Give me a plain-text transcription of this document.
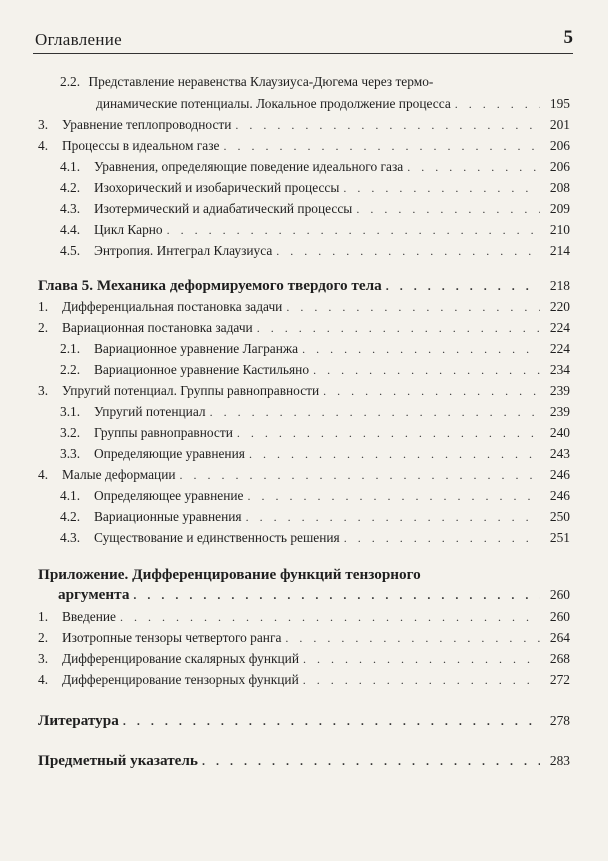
Оглавление	5
2.2. Представление неравенства Клаузиуса-Дюгема через термо-
динамические потенциалы. Локальное продолжение процесса . . .	195
3.	Уравнение теплопроводности . . .	201
4.	Процессы в идеальном газе . . .	206
4.1.	Уравнения, определяющие поведение идеального газа . . .	206
4.2.	Изохорический и изобарический процессы . . .	208
4.3.	Изотермический и адиабатический процессы . . .	209
4.4.	Цикл Карно . . .	210
4.5.	Энтропия. Интеграл Клаузиуса . . .	214
Глава 5. Механика деформируемого твердого тела . . .	218
1.	Дифференциальная постановка задачи . . .	220
2.	Вариационная постановка задачи . . .	224
2.1.	Вариационное уравнение Лагранжа . . .	224
2.2.	Вариационное уравнение Кастильяно . . .	234
3.	Упругий потенциал. Группы равноправности . . .	239
3.1.	Упругий потенциал . . .	239
3.2.	Группы равноправности . . .	240
3.3.	Определяющие уравнения . . .	243
4.	Малые деформации . . .	246
4.1.	Определяющее уравнение . . .	246
4.2.	Вариационные уравнения . . .	250
4.3.	Существование и единственность решения . . .	251
Приложение. Дифференцирование функций тензорного
аргумента . . .	260
1.	Введение . . .	260
2.	Изотропные тензоры четвертого ранга . . .	264
3.	Дифференцирование скалярных функций . . .	268
4.	Дифференцирование тензорных функций . . .	272
Литература . . .	278
Предметный указатель . . .	283
